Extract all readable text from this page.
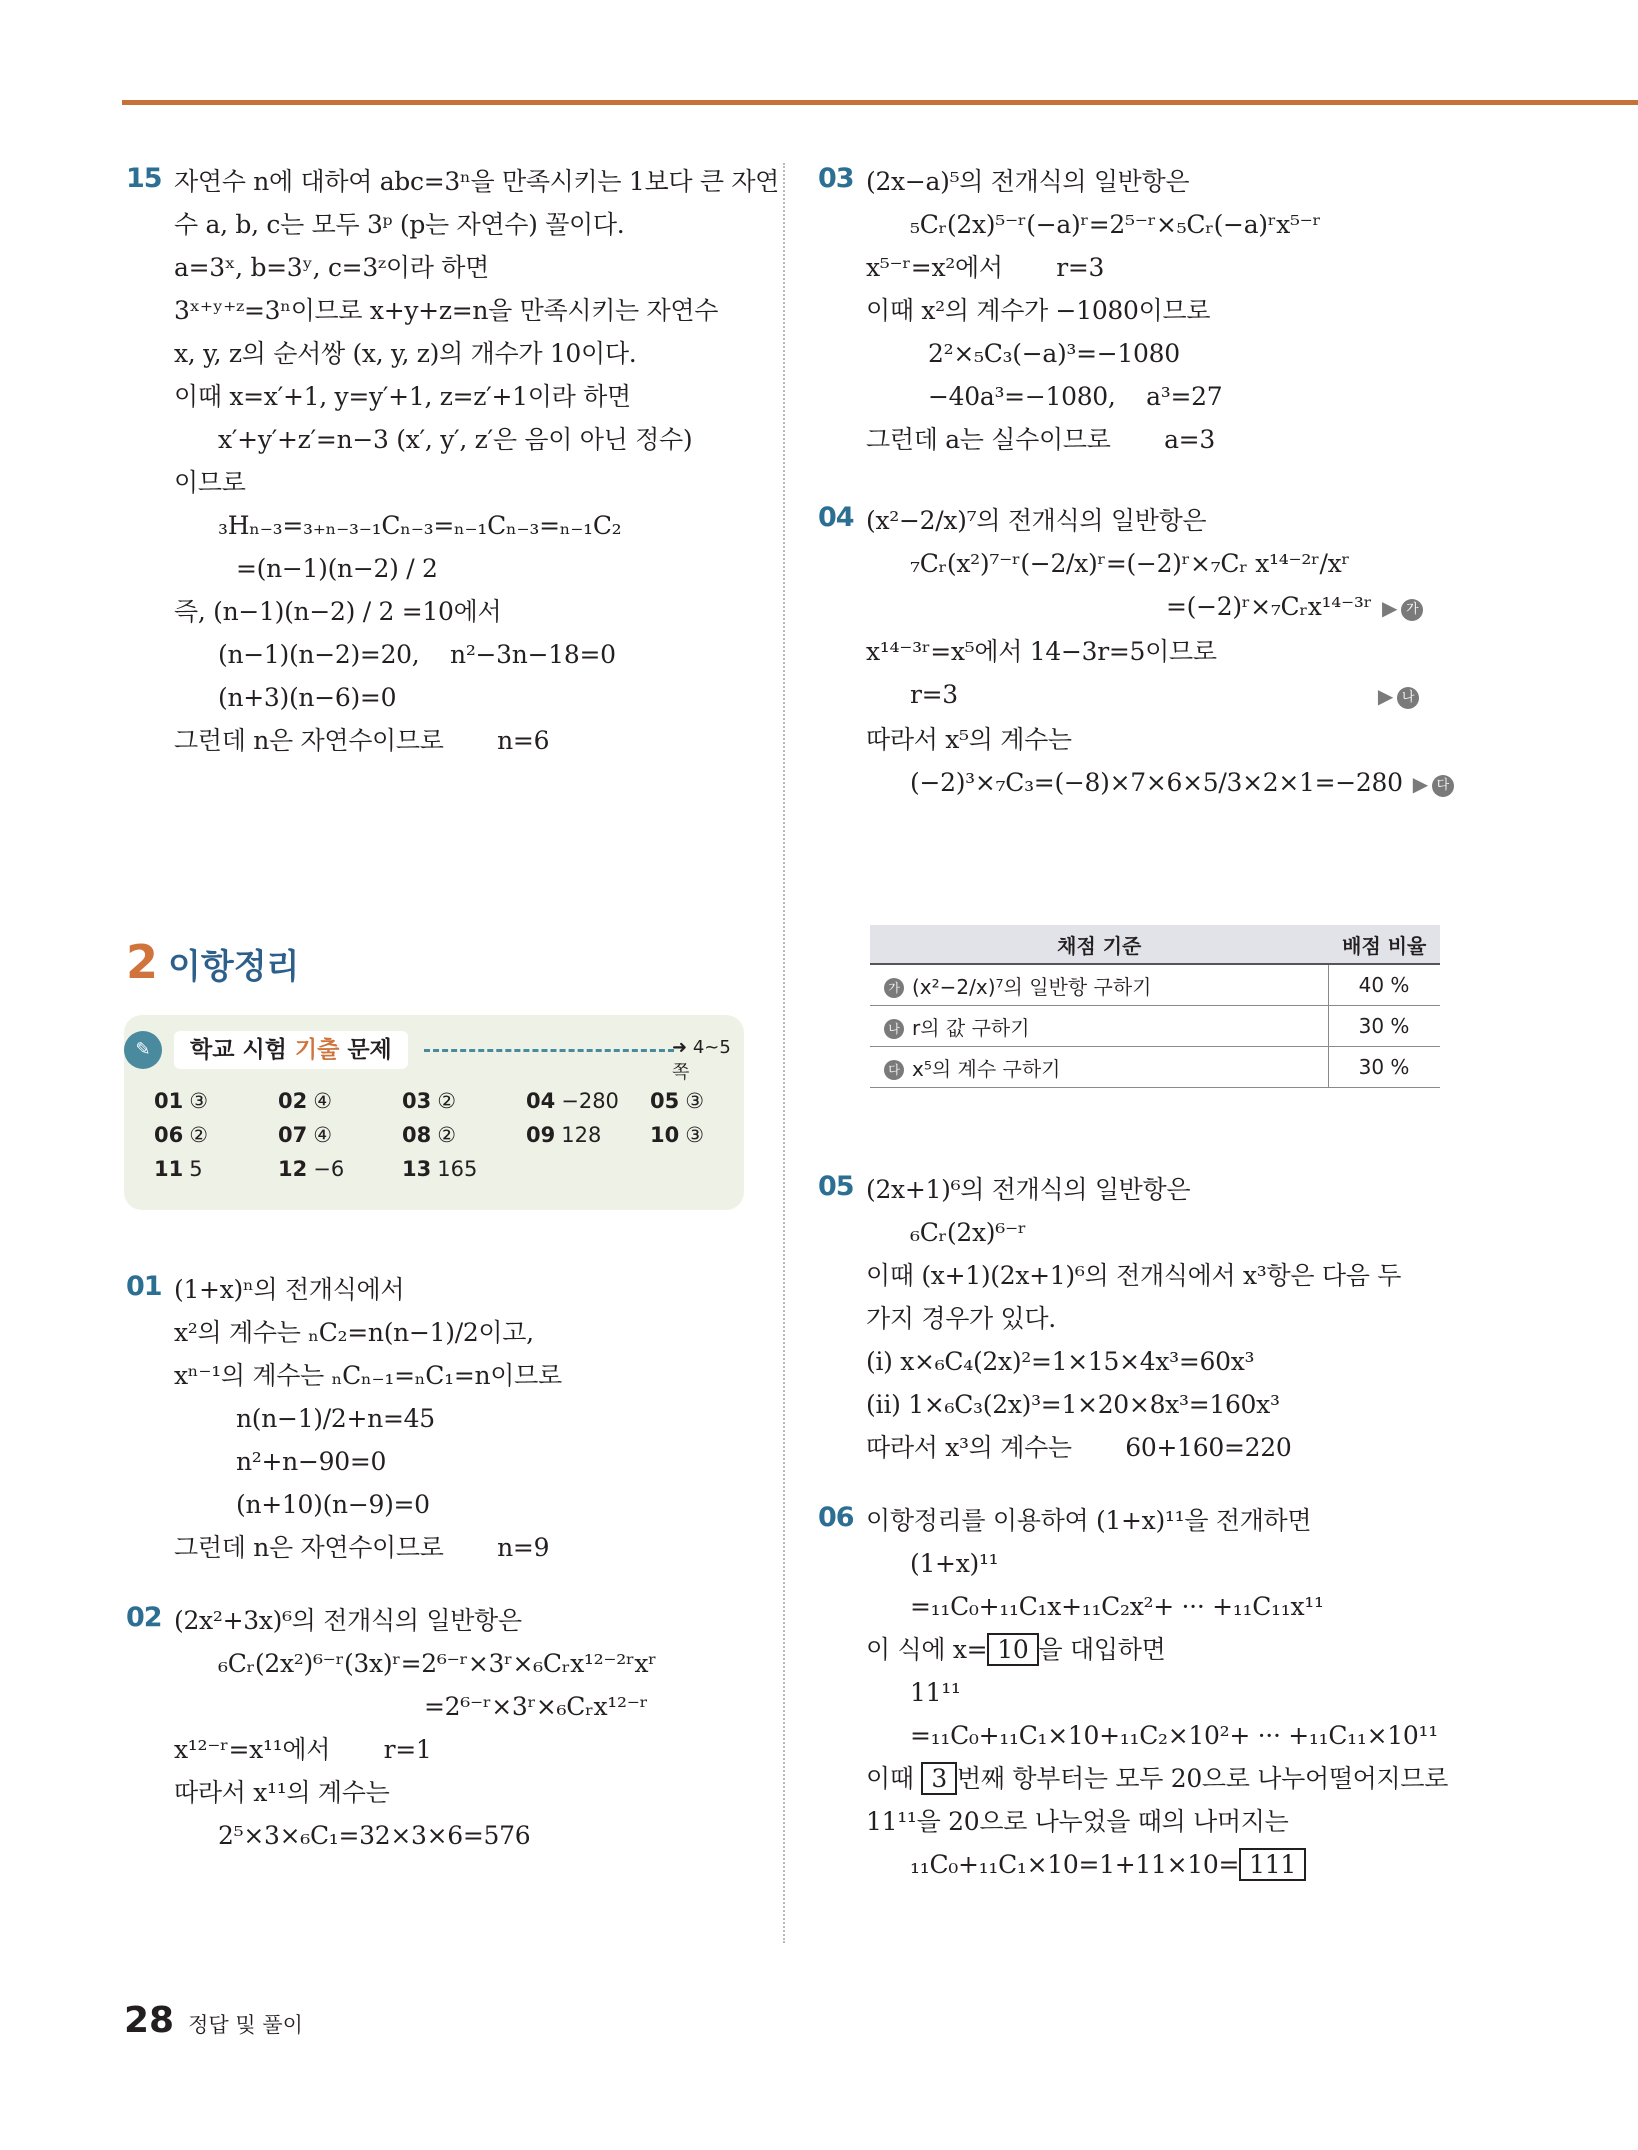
15 자연수 n에 대하여 abc=3ⁿ을 만족시키는 1보다 큰 자연
수 a, b, c는 모두 3ᵖ (p는 자연수) 꼴이다.
a=3ˣ, b=3ʸ, c=3ᶻ이라 하면
3ˣ⁺ʸ⁺ᶻ=3ⁿ이므로 x+y+z=n을 만족시키는 자연수
x, y, z의 순서쌍 (x, y, z)의 개수가 10이다.
이때 x=x′+1, y=y′+1, z=z′+1이라 하면
x′+y′+z′=n−3 (x′, y′, z′은 음이 아닌 정수)
이므로
₃Hₙ₋₃=₃₊ₙ₋₃₋₁Cₙ₋₃=ₙ₋₁Cₙ₋₃=ₙ₋₁C₂
=(n−1)(n−2) / 2
즉, (n−1)(n−2) / 2 =10에서
(n−1)(n−2)=20,    n²−3n−18=0
(n+3)(n−6)=0
그런데 n은 자연수이므로       n=6
2 이항정리
✎	학교 시험 기출 문제	➜ 4~5쪽
01 ③	02 ④	03 ②	04 −280	05 ③
06 ②	07 ④	08 ②	09 128	10 ③
11 5	12 −6	13 165
01 (1+x)ⁿ의 전개식에서
x²의 계수는 ₙC₂=n(n−1)/2이고,
xⁿ⁻¹의 계수는 ₙCₙ₋₁=ₙC₁=n이므로
n(n−1)/2+n=45
n²+n−90=0
(n+10)(n−9)=0
그런데 n은 자연수이므로       n=9
02 (2x²+3x)⁶의 전개식의 일반항은
₆Cᵣ(2x²)⁶⁻ʳ(3x)ʳ=2⁶⁻ʳ×3ʳ×₆Cᵣx¹²⁻²ʳxʳ
=2⁶⁻ʳ×3ʳ×₆Cᵣx¹²⁻ʳ
x¹²⁻ʳ=x¹¹에서       r=1
따라서 x¹¹의 계수는
2⁵×3×₆C₁=32×3×6=576
03 (2x−a)⁵의 전개식의 일반항은
₅Cᵣ(2x)⁵⁻ʳ(−a)ʳ=2⁵⁻ʳ×₅Cᵣ(−a)ʳx⁵⁻ʳ
x⁵⁻ʳ=x²에서       r=3
이때 x²의 계수가 −1080이므로
2²×₅C₃(−a)³=−1080
−40a³=−1080,    a³=27
그런데 a는 실수이므로       a=3
04 (x²−2/x)⁷의 전개식의 일반항은
₇Cᵣ(x²)⁷⁻ʳ(−2/x)ʳ=(−2)ʳ×₇Cᵣ x¹⁴⁻²ʳ/xʳ
=(−2)ʳ×₇Cᵣx¹⁴⁻³ʳ ▶ 가
x¹⁴⁻³ʳ=x⁵에서 14−3r=5이므로
r=3	▶ 나
따라서 x⁵의 계수는
(−2)³×₇C₃=(−8)×7×6×5/3×2×1=−280 ▶ 다
채점 기준	배점 비율
가 (x²−2/x)⁷의 일반항 구하기	40 %
나 r의 값 구하기	30 %
다 x⁵의 계수 구하기	30 %
05 (2x+1)⁶의 전개식의 일반항은
₆Cᵣ(2x)⁶⁻ʳ
이때 (x+1)(2x+1)⁶의 전개식에서 x³항은 다음 두
가지 경우가 있다.
(ⅰ) x×₆C₄(2x)²=1×15×4x³=60x³
(ⅱ) 1×₆C₃(2x)³=1×20×8x³=160x³
따라서 x³의 계수는       60+160=220
06 이항정리를 이용하여 (1+x)¹¹을 전개하면
(1+x)¹¹
=₁₁C₀+₁₁C₁x+₁₁C₂x²+ ··· +₁₁C₁₁x¹¹
이 식에 x= 10 을 대입하면
11¹¹
=₁₁C₀+₁₁C₁×10+₁₁C₂×10²+ ··· +₁₁C₁₁×10¹¹
이때 3 번째 항부터는 모두 20으로 나누어떨어지므로
11¹¹을 20으로 나누었을 때의 나머지는
₁₁C₀+₁₁C₁×10=1+11×10= 111
28 정답 및 풀이
